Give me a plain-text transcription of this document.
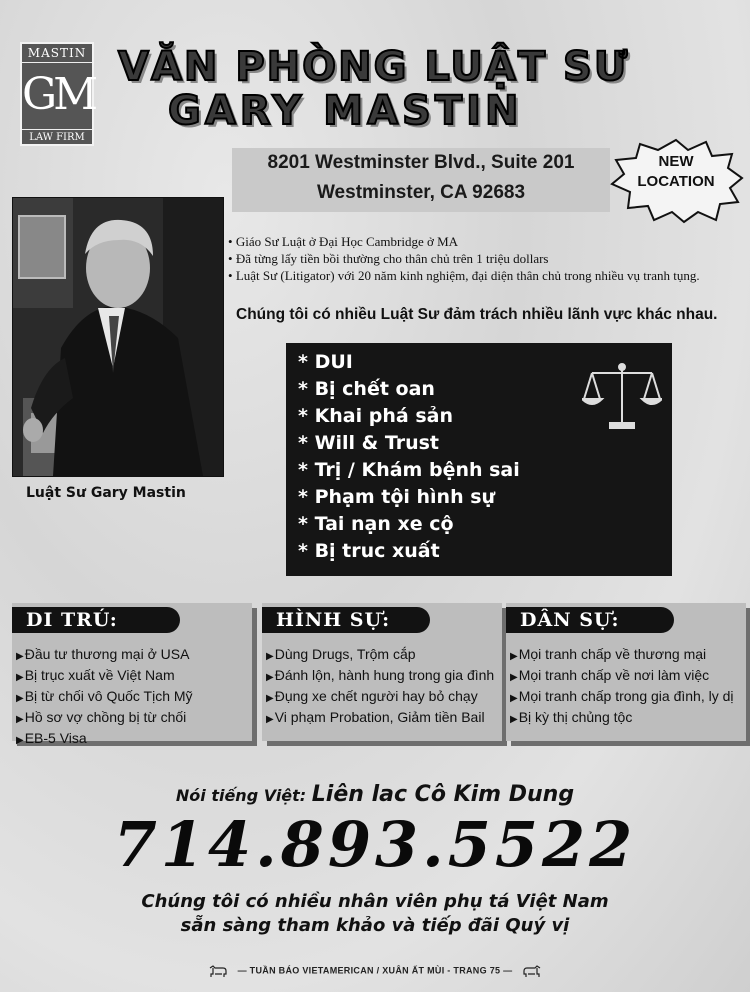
MASTIN
GM
LAW FIRM
VĂN PHÒNG LUẬT SƯ
GARY MASTIN
8201 Westminster Blvd., Suite 201
Westminster, CA 92683
NEW
LOCATION
Luật Sư Gary Mastin
• Giáo Sư Luật ở Đại Học Cambridge ở MA
• Đã từng lấy tiền bồi thường cho thân chủ trên 1 triệu dollars
• Luật Sư (Litigator) với 20 năm kinh nghiệm, đại diện thân chủ trong nhiều vụ tranh tụng.
Chúng tôi có nhiều Luật Sư đảm trách nhiều lãnh vực khác nhau.
* DUI
* Bị chết oan
* Khai phá sản
* Will & Trust
* Trị / Khám bệnh sai
* Phạm tội hình sự
* Tai nạn xe cộ
* Bị truc xuất
DI TRÚ:
▶ Đầu tư thương mại ở USA
▶ Bị trục xuất về Việt Nam
▶ Bị từ chối vô Quốc Tịch Mỹ
▶ Hồ sơ vợ chồng bị từ chối
▶ EB-5 Visa
HÌNH SỰ:
▶ Dùng Drugs, Trộm cắp
▶ Đánh lộn, hành hung trong gia đình
▶ Đụng xe chết người hay bỏ chạy
▶ Vi phạm Probation, Giảm tiền Bail
DÂN SỰ:
▶ Mọi tranh chấp về thương mại
▶ Mọi tranh chấp về nơi làm việc
▶ Mọi tranh chấp trong gia đình, ly dị
▶ Bị kỳ thị chủng tộc
Nói tiếng Việt: Liên lac Cô Kim Dung
714.893.5522
Chúng tôi có nhiều nhân viên phụ tá Việt Nam
sẵn sàng tham khảo và tiếp đãi Quý vị
— TUẦN BÁO VIETAMERICAN / XUÂN ẤT MÙI - TRANG 75 —
